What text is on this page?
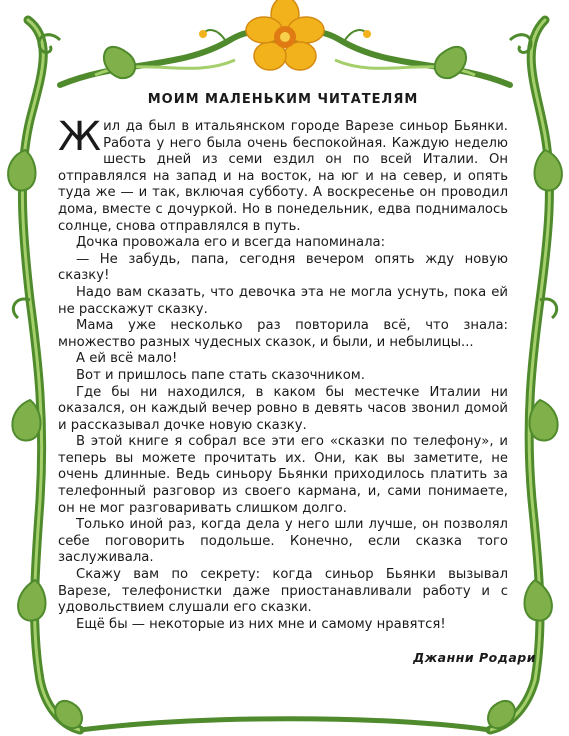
МОИМ МАЛЕНЬКИМ ЧИТАТЕЛЯМ

Жил да был в итальянском городе Варезе синьор Бьянки. Работа у него была очень беспокойная. Каждую неделю шесть дней из семи ездил он по всей Италии. Он отправлялся на запад и на восток, на юг и на север, и опять туда же — и так, включая субботу. А воскресенье он проводил дома, вместе с дочуркой. Но в понедельник, едва поднималось солнце, снова отправлялся в путь.

Дочка провожала его и всегда напоминала:

— Не забудь, папа, сегодня вечером опять жду новую сказку!

Надо вам сказать, что девочка эта не могла уснуть, пока ей не расскажут сказку.

Мама уже несколько раз повторила всё, что знала: множество разных чудесных сказок, и были, и небылицы...

А ей всё мало!

Вот и пришлось папе стать сказочником.

Где бы ни находился, в каком бы местечке Италии ни оказался, он каждый вечер ровно в девять часов звонил домой и рассказывал дочке новую сказку.

В этой книге я собрал все эти его «сказки по телефону», и теперь вы можете прочитать их. Они, как вы заметите, не очень длинные. Ведь синьору Бьянки приходилось платить за телефонный разговор из своего кармана, и, сами понимаете, он не мог разговаривать слишком долго.

Только иной раз, когда дела у него шли лучше, он позволял себе поговорить подольше. Конечно, если сказка того заслуживала.

Скажу вам по секрету: когда синьор Бьянки вызывал Варезе, телефонистки даже приостанавливали работу и с удовольствием слушали его сказки.

Ещё бы — некоторые из них мне и самому нравятся!

Джанни Родари
